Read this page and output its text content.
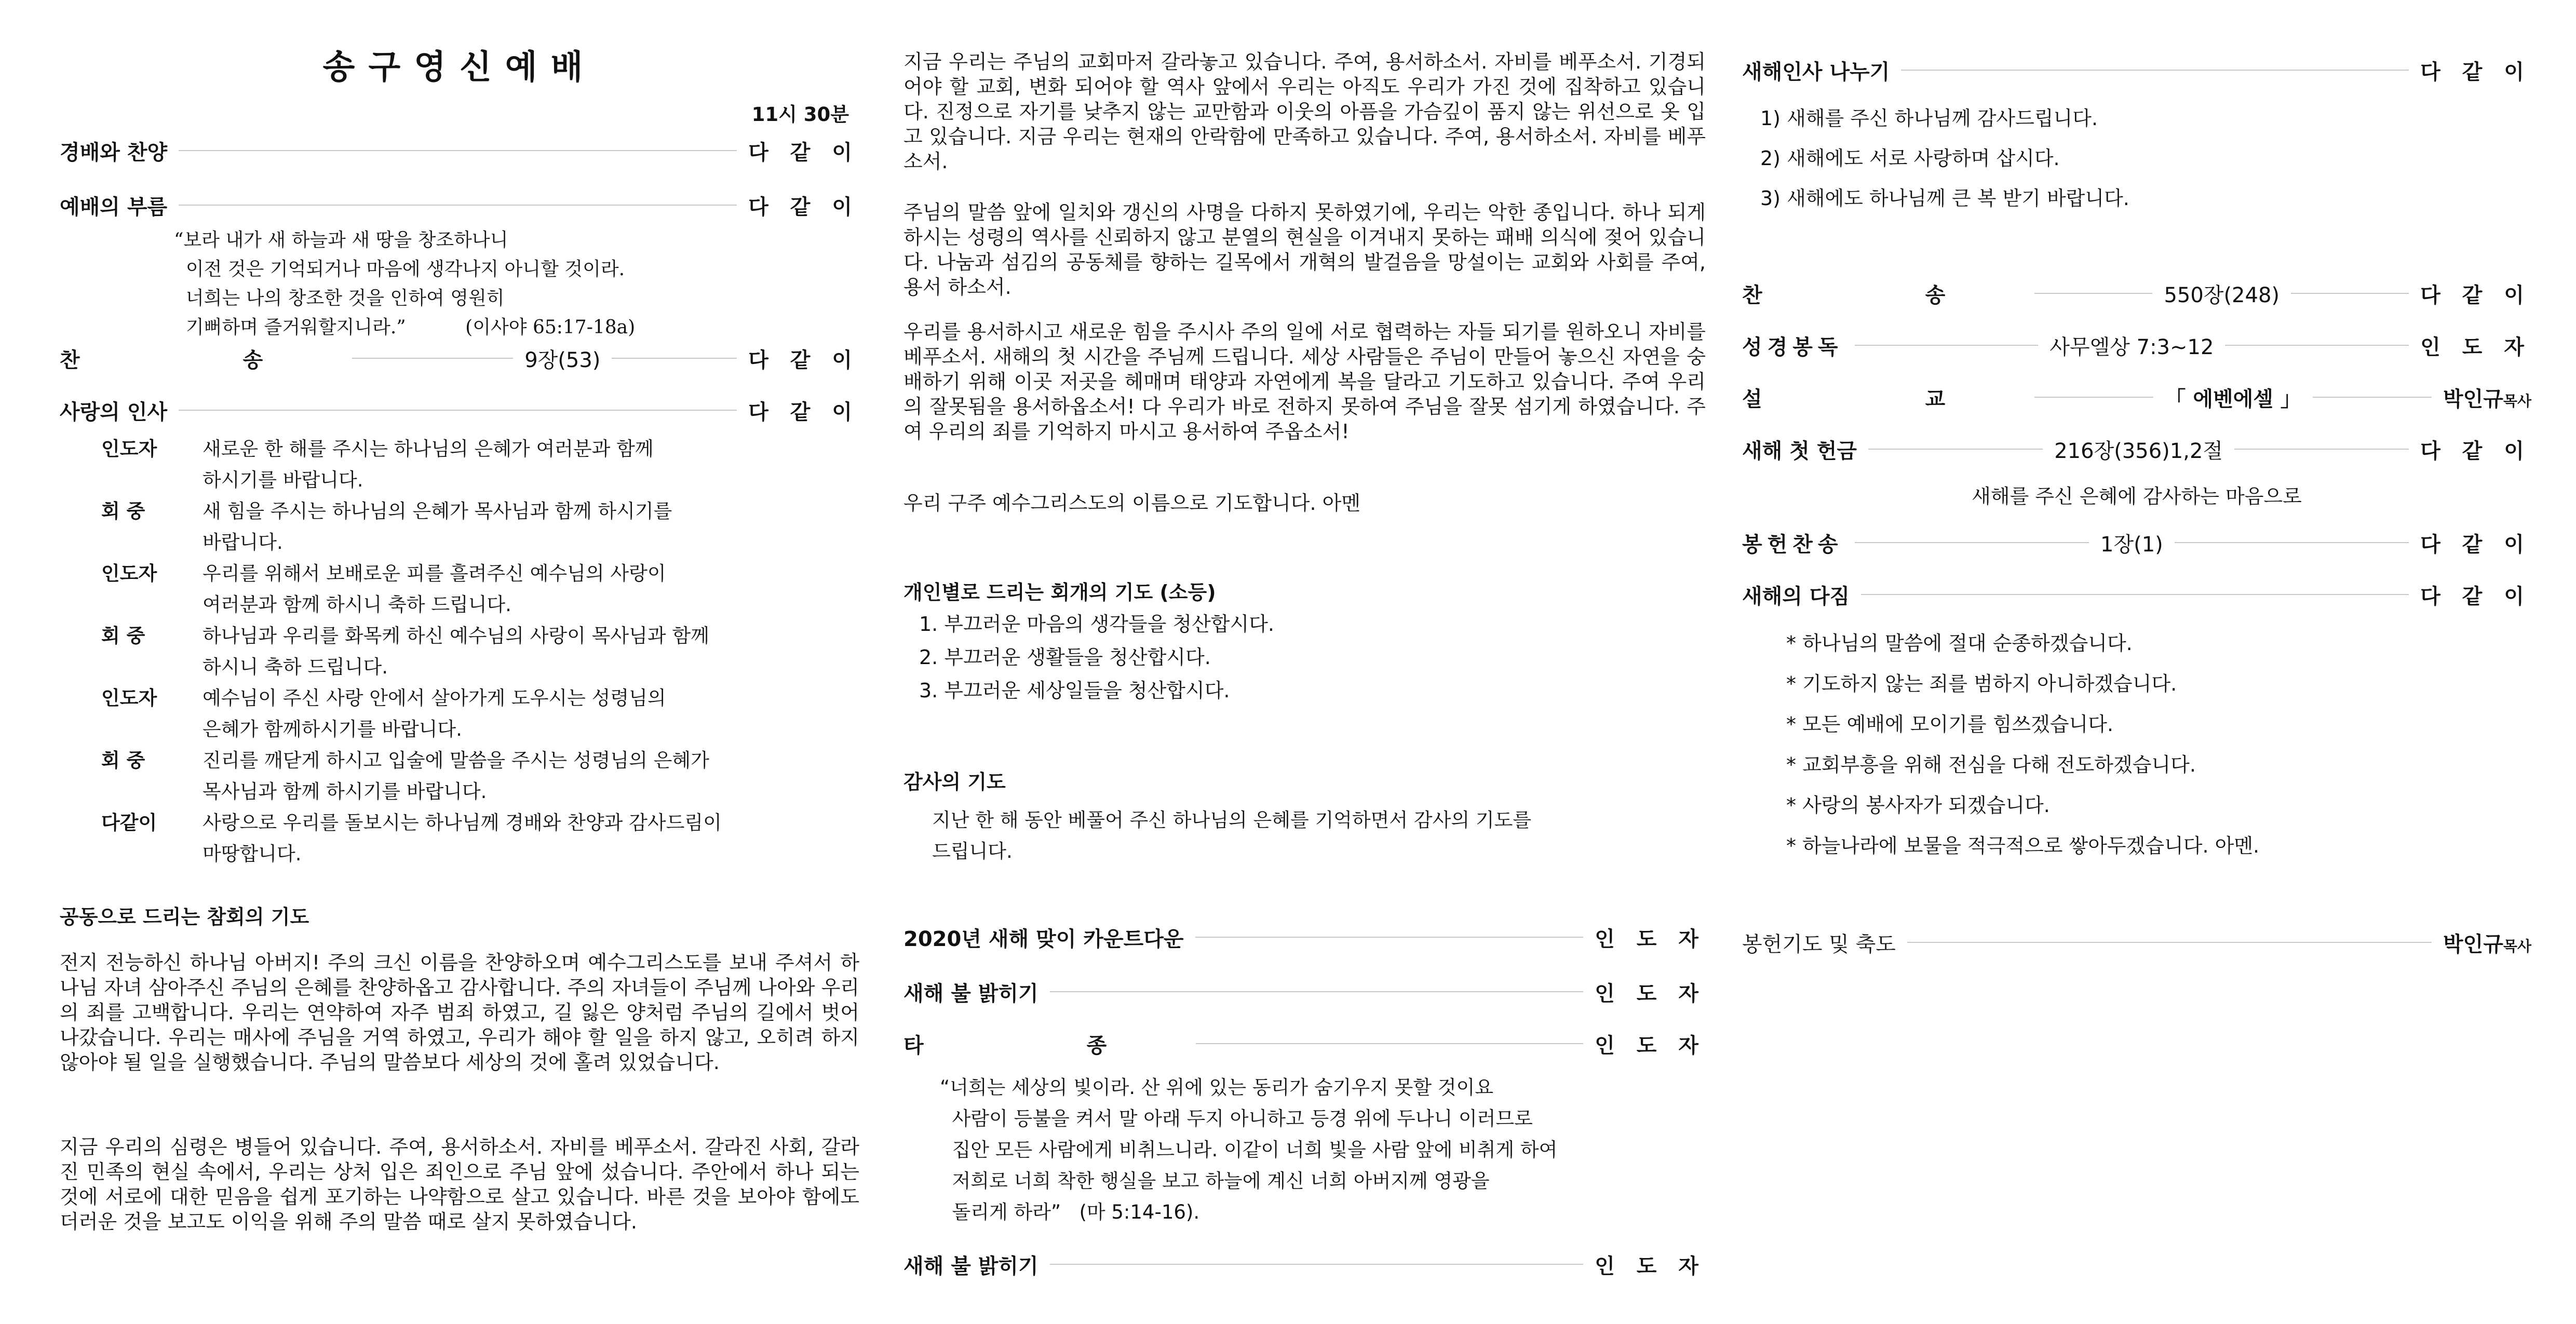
송구영신예배
11시 30분
경배와 찬양	다 같 이
예배의 부름	다 같 이
“보라 내가 새 하늘과 새 땅을 창조하나니
이전 것은 기억되거나 마음에 생각나지 아니할 것이라.
너희는 나의 창조한 것을 인하여 영원히
기뻐하며 즐거워할지니라.”          (이사야 65:17-18a)
찬 송	9장(53)	다 같 이
사랑의 인사	다 같 이
인도자	새로운 한 해를 주시는 하나님의 은혜가 여러분과 함께
하시기를 바랍니다.
회 중	새 힘을 주시는 하나님의 은혜가 목사님과 함께 하시기를
바랍니다.
인도자	우리를 위해서 보배로운 피를 흘려주신 예수님의 사랑이
여러분과 함께 하시니 축하 드립니다.
회 중	하나님과 우리를 화목케 하신 예수님의 사랑이 목사님과 함께
하시니 축하 드립니다.
인도자	예수님이 주신 사랑 안에서 살아가게 도우시는 성령님의
은혜가 함께하시기를 바랍니다.
회 중	진리를 깨닫게 하시고 입술에 말씀을 주시는 성령님의 은혜가
목사님과 함께 하시기를 바랍니다.
다같이	사랑으로 우리를 돌보시는 하나님께 경배와 찬양과 감사드림이
마땅합니다.
공동으로 드리는 참회의 기도
전지 전능하신 하나님 아버지! 주의 크신 이름을 찬양하오며 예수그리스도를 보내 주셔서 하나님 자녀 삼아주신 주님의 은혜를 찬양하옵고 감사합니다. 주의 자녀들이 주님께 나아와 우리의 죄를 고백합니다. 우리는 연약하여 자주 범죄 하였고, 길 잃은 양처럼 주님의 길에서 벗어 나갔습니다. 우리는 매사에 주님을 거역 하였고, 우리가 해야 할 일을 하지 않고, 오히려 하지 않아야 될 일을 실행했습니다. 주님의 말씀보다 세상의 것에 홀려 있었습니다.
지금 우리의 심령은 병들어 있습니다. 주여, 용서하소서. 자비를 베푸소서. 갈라진 사회, 갈라진 민족의 현실 속에서, 우리는 상처 입은 죄인으로 주님 앞에 섰습니다. 주안에서 하나 되는 것에 서로에 대한 믿음을 쉽게 포기하는 나약함으로 살고 있습니다. 바른 것을 보아야 함에도 더러운 것을 보고도 이익을 위해 주의 말씀 때로 살지 못하였습니다.
지금 우리는 주님의 교회마저 갈라놓고 있습니다. 주여, 용서하소서. 자비를 베푸소서. 기경되어야 할 교회, 변화 되어야 할 역사 앞에서 우리는 아직도 우리가 가진 것에 집착하고 있습니다. 진정으로 자기를 낮추지 않는 교만함과 이웃의 아픔을 가슴깊이 품지 않는 위선으로 옷 입고 있습니다. 지금 우리는 현재의 안락함에 만족하고 있습니다. 주여, 용서하소서. 자비를 베푸소서.
주님의 말씀 앞에 일치와 갱신의 사명을 다하지 못하였기에, 우리는 악한 종입니다. 하나 되게 하시는 성령의 역사를 신뢰하지 않고 분열의 현실을 이겨내지 못하는 패배 의식에 젖어 있습니다. 나눔과 섬김의 공동체를 향하는 길목에서 개혁의 발걸음을 망설이는 교회와 사회를 주여, 용서 하소서.
우리를 용서하시고 새로운 힘을 주시사 주의 일에 서로 협력하는 자들 되기를 원하오니 자비를 베푸소서. 새해의 첫 시간을 주님께 드립니다. 세상 사람들은 주님이 만들어 놓으신 자연을 숭배하기 위해 이곳 저곳을 헤매며 태양과 자연에게 복을 달라고 기도하고 있습니다. 주여 우리의 잘못됨을 용서하옵소서! 다 우리가 바로 전하지 못하여 주님을 잘못 섬기게 하였습니다. 주여 우리의 죄를 기억하지 마시고 용서하여 주옵소서!
우리 구주 예수그리스도의 이름으로 기도합니다. 아멘
개인별로 드리는 회개의 기도 (소등)
1. 부끄러운 마음의 생각들을 청산합시다.
2. 부끄러운 생활들을 청산합시다.
3. 부끄러운 세상일들을 청산합시다.
감사의 기도
지난 한 해 동안 베풀어 주신 하나님의 은혜를 기억하면서 감사의 기도를
드립니다.
2020년 새해 맞이 카운트다운	인 도 자
새해 불 밝히기	인 도 자
타 종	인 도 자
“너희는 세상의 빛이라. 산 위에 있는 동리가 숨기우지 못할 것이요
사람이 등불을 켜서 말 아래 두지 아니하고 등경 위에 두나니 이러므로
집안 모든 사람에게 비취느니라. 이같이 너희 빛을 사람 앞에 비취게 하여
저희로 너희 착한 행실을 보고 하늘에 계신 너희 아버지께 영광을
돌리게 하라”   (마 5:14-16).
새해 불 밝히기	인 도 자
새해인사 나누기	다 같 이
1) 새해를 주신 하나님께 감사드립니다.
2) 새해에도 서로 사랑하며 삽시다.
3) 새해에도 하나님께 큰 복 받기 바랍니다.
찬 송	550장(248)	다 같 이
성경봉독	사무엘상 7:3~12	인 도 자
설 교	「 에벤에셀 」	박인규목사
새해 첫 헌금	216장(356)1,2절	다 같 이
새해를 주신 은혜에 감사하는 마음으로
봉헌찬송	1장(1)	다 같 이
새해의 다짐	다 같 이
* 하나님의 말씀에 절대 순종하겠습니다.
* 기도하지 않는 죄를 범하지 아니하겠습니다.
* 모든 예배에 모이기를 힘쓰겠습니다.
* 교회부흥을 위해 전심을 다해 전도하겠습니다.
* 사랑의 봉사자가 되겠습니다.
* 하늘나라에 보물을 적극적으로 쌓아두겠습니다. 아멘.
봉헌기도 및 축도	박인규목사
